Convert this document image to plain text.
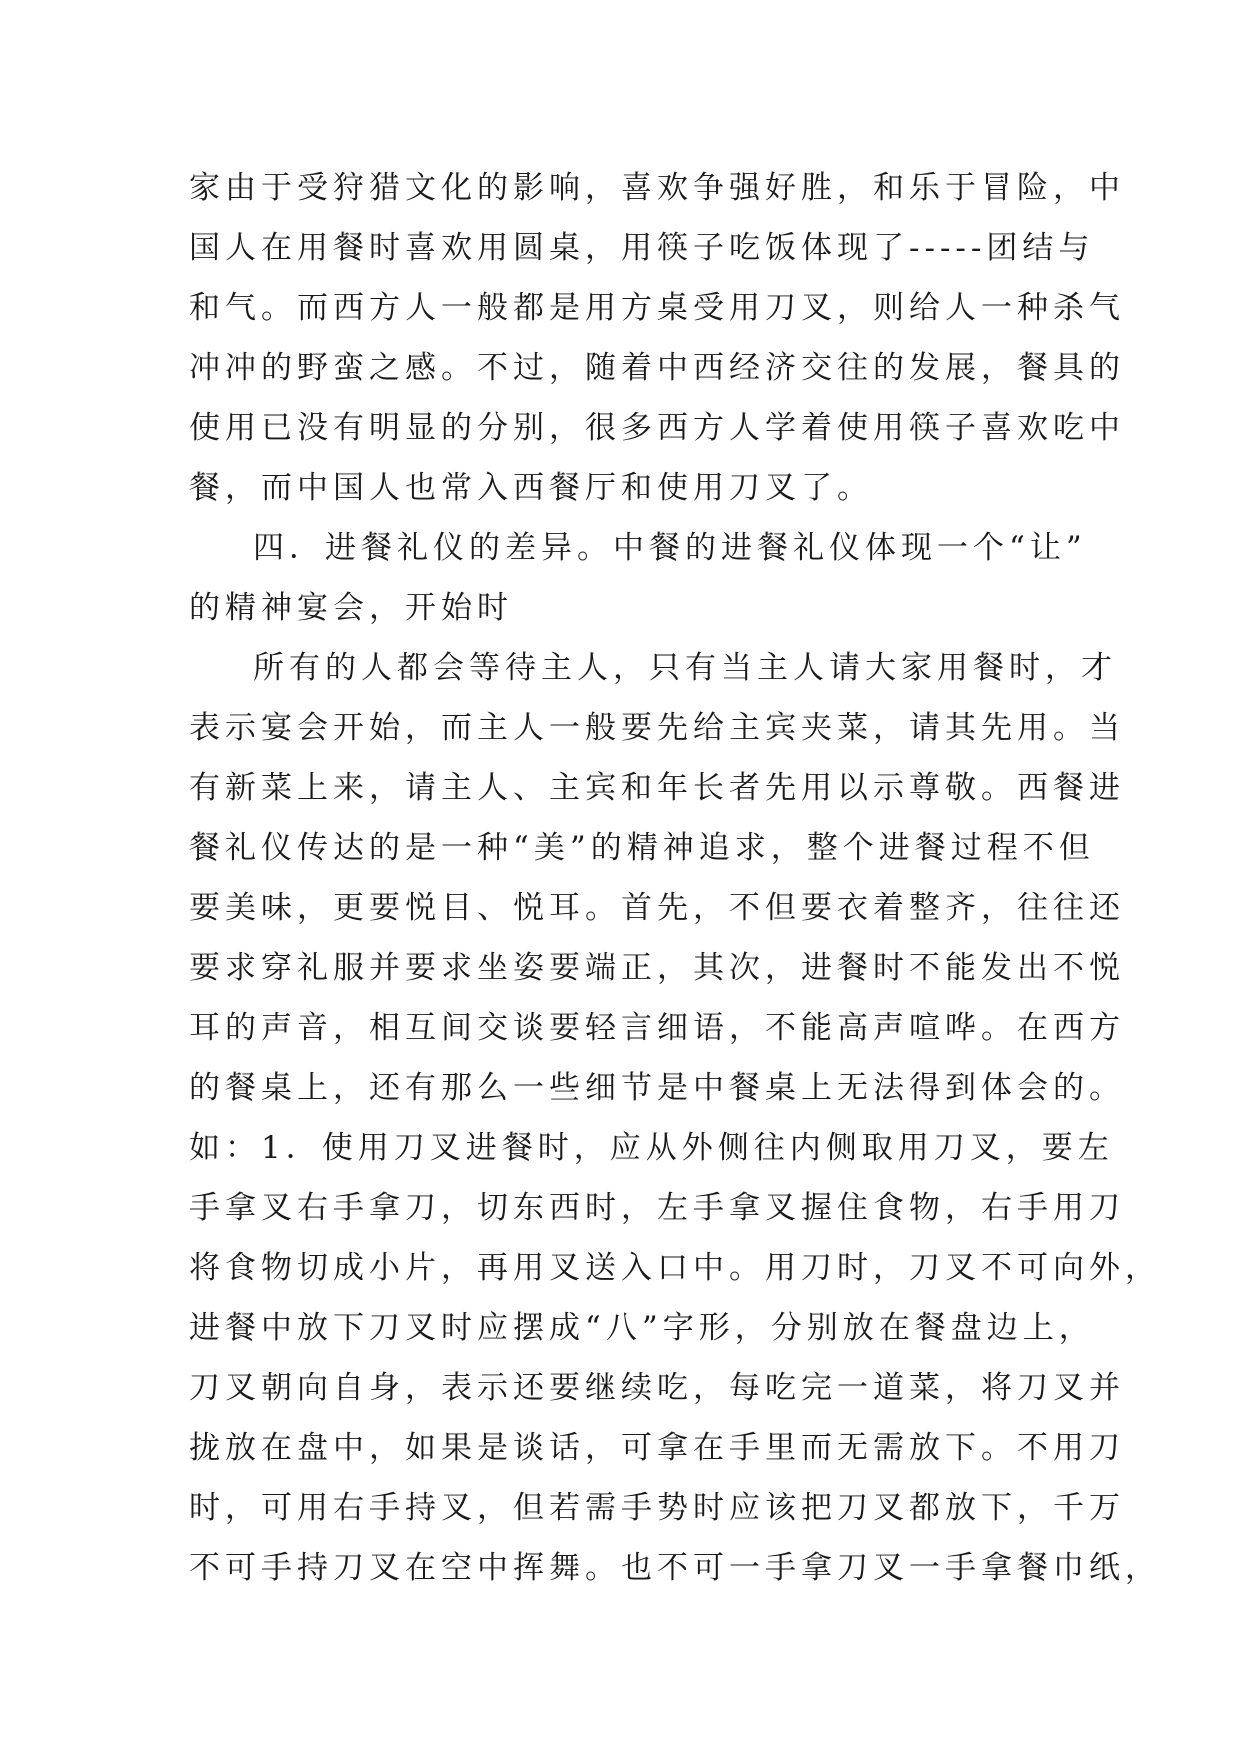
家由于受狩猎文化的影响，喜欢争强好胜，和乐于冒险，中
国人在用餐时喜欢用圆桌，用筷子吃饭体现了-----团结与
和气。而西方人一般都是用方桌受用刀叉，则给人一种杀气
冲冲的野蛮之感。不过，随着中西经济交往的发展，餐具的
使用已没有明显的分别，很多西方人学着使用筷子喜欢吃中
餐，而中国人也常入西餐厅和使用刀叉了。
四．进餐礼仪的差异。中餐的进餐礼仪体现一个“让”
的精神宴会，开始时
所有的人都会等待主人，只有当主人请大家用餐时，才
表示宴会开始，而主人一般要先给主宾夹菜，请其先用。当
有新菜上来，请主人、主宾和年长者先用以示尊敬。西餐进
餐礼仪传达的是一种“美”的精神追求，整个进餐过程不但
要美味，更要悦目、悦耳。首先，不但要衣着整齐，往往还
要求穿礼服并要求坐姿要端正，其次，进餐时不能发出不悦
耳的声音，相互间交谈要轻言细语，不能高声喧哗。在西方
的餐桌上，还有那么一些细节是中餐桌上无法得到体会的。
如：1．使用刀叉进餐时，应从外侧往内侧取用刀叉，要左
手拿叉右手拿刀，切东西时，左手拿叉握住食物，右手用刀
将食物切成小片，再用叉送入口中。用刀时，刀叉不可向外，
进餐中放下刀叉时应摆成“八”字形，分别放在餐盘边上，
刀叉朝向自身，表示还要继续吃，每吃完一道菜，将刀叉并
拢放在盘中，如果是谈话，可拿在手里而无需放下。不用刀
时，可用右手持叉，但若需手势时应该把刀叉都放下，千万
不可手持刀叉在空中挥舞。也不可一手拿刀叉一手拿餐巾纸，
